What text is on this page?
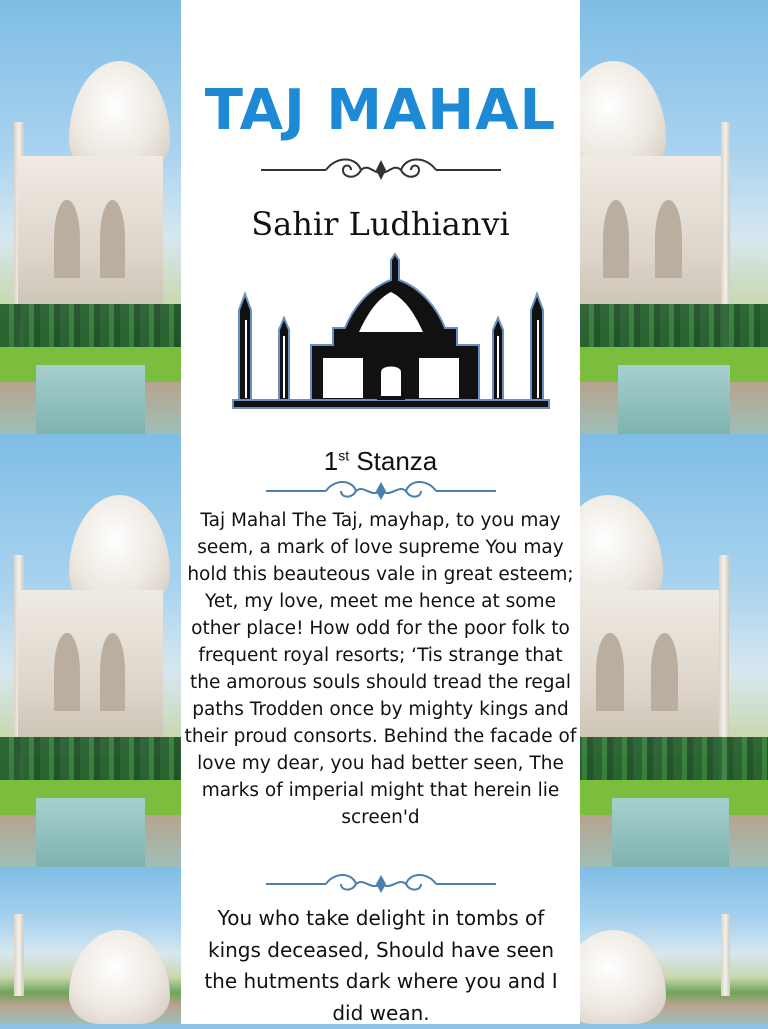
TAJ MAHAL
Sahir Ludhianvi
1st Stanza
Taj Mahal The Taj, mayhap, to you may seem, a mark of love supreme You may hold this beauteous vale in great esteem; Yet, my love, meet me hence at some other place! How odd for the poor folk to frequent royal resorts; ‘Tis strange that the amorous souls should tread the regal paths Trodden once by mighty kings and their proud consorts. Behind the facade of love my dear, you had better seen, The marks of imperial might that herein lie screen'd
You who take delight in tombs of kings deceased, Should have seen the hutments dark where you and I did wean.
